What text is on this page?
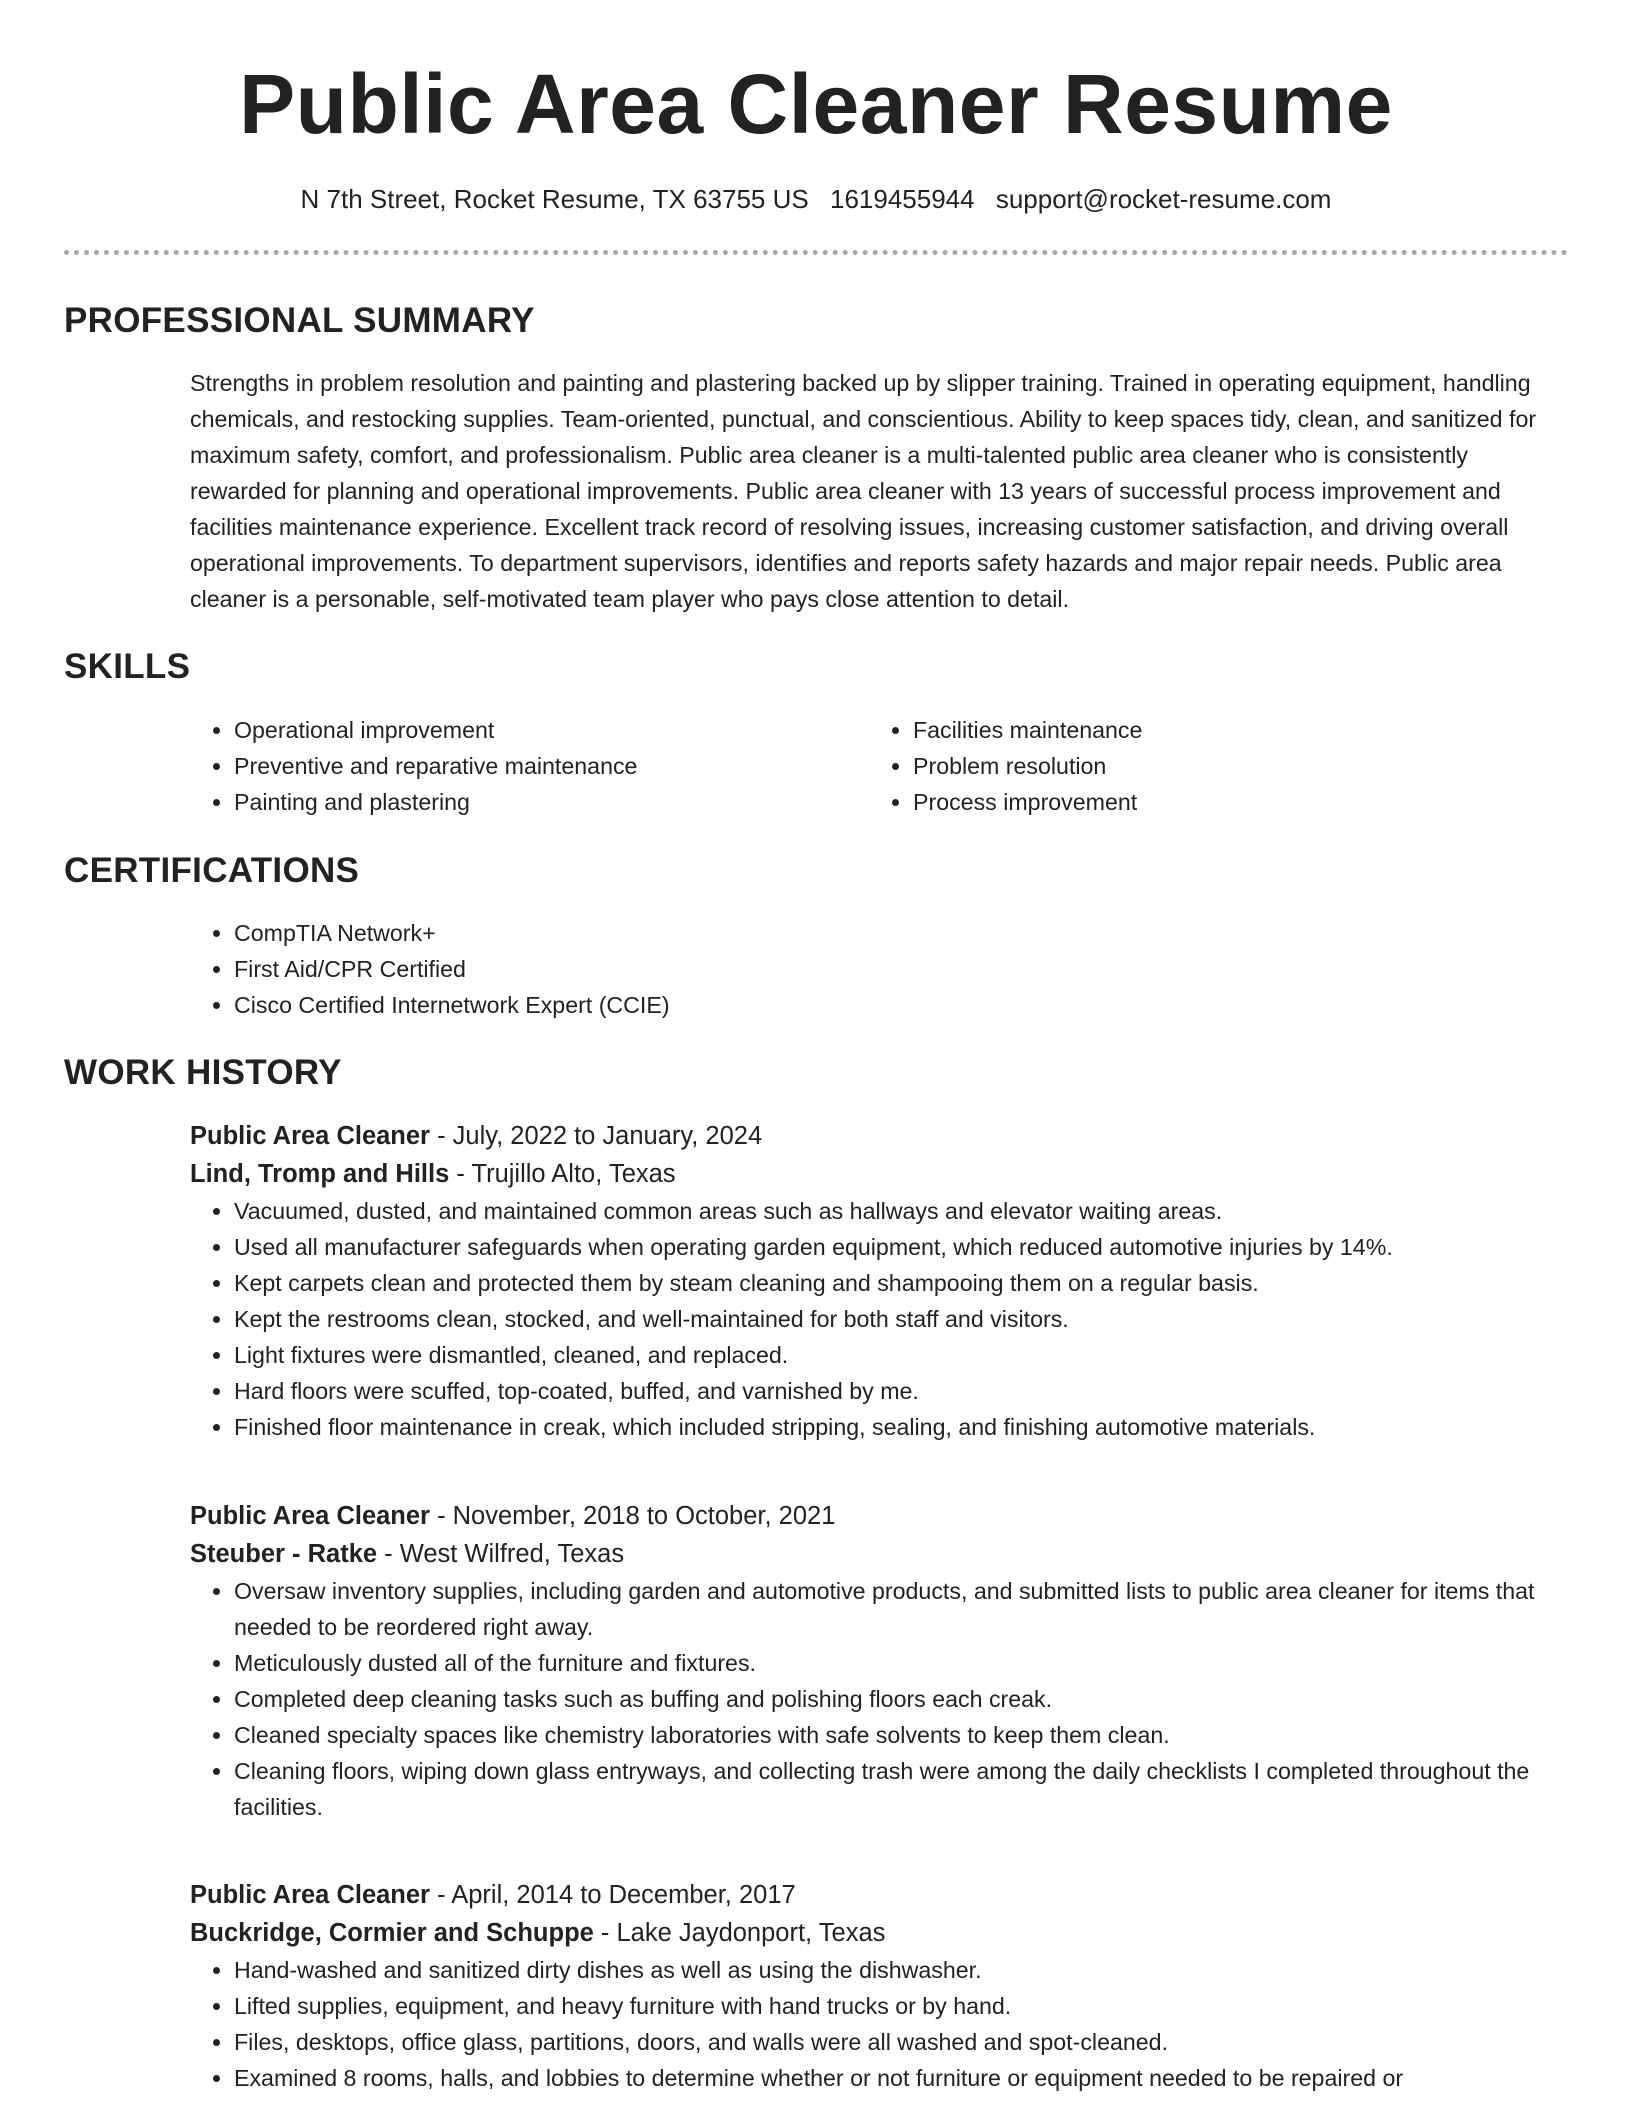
Public Area Cleaner Resume
N 7th Street, Rocket Resume, TX 63755 US 1619455944 support@rocket-resume.com
PROFESSIONAL SUMMARY
Strengths in problem resolution and painting and plastering backed up by slipper training. Trained in operating equipment, handling chemicals, and restocking supplies. Team-oriented, punctual, and conscientious. Ability to keep spaces tidy, clean, and sanitized for maximum safety, comfort, and professionalism. Public area cleaner is a multi-talented public area cleaner who is consistently rewarded for planning and operational improvements. Public area cleaner with 13 years of successful process improvement and facilities maintenance experience. Excellent track record of resolving issues, increasing customer satisfaction, and driving overall operational improvements. To department supervisors, identifies and reports safety hazards and major repair needs. Public area cleaner is a personable, self-motivated team player who pays close attention to detail.
SKILLS
• Operational improvement
• Preventive and reparative maintenance
• Painting and plastering
• Facilities maintenance
• Problem resolution
• Process improvement
CERTIFICATIONS
• CompTIA Network+
• First Aid/CPR Certified
• Cisco Certified Internetwork Expert (CCIE)
WORK HISTORY
Public Area Cleaner - July, 2022 to January, 2024
Lind, Tromp and Hills - Trujillo Alto, Texas
• Vacuumed, dusted, and maintained common areas such as hallways and elevator waiting areas.
• Used all manufacturer safeguards when operating garden equipment, which reduced automotive injuries by 14%.
• Kept carpets clean and protected them by steam cleaning and shampooing them on a regular basis.
• Kept the restrooms clean, stocked, and well-maintained for both staff and visitors.
• Light fixtures were dismantled, cleaned, and replaced.
• Hard floors were scuffed, top-coated, buffed, and varnished by me.
• Finished floor maintenance in creak, which included stripping, sealing, and finishing automotive materials.
Public Area Cleaner - November, 2018 to October, 2021
Steuber - Ratke - West Wilfred, Texas
• Oversaw inventory supplies, including garden and automotive products, and submitted lists to public area cleaner for items that needed to be reordered right away.
• Meticulously dusted all of the furniture and fixtures.
• Completed deep cleaning tasks such as buffing and polishing floors each creak.
• Cleaned specialty spaces like chemistry laboratories with safe solvents to keep them clean.
• Cleaning floors, wiping down glass entryways, and collecting trash were among the daily checklists I completed throughout the facilities.
Public Area Cleaner - April, 2014 to December, 2017
Buckridge, Cormier and Schuppe - Lake Jaydonport, Texas
• Hand-washed and sanitized dirty dishes as well as using the dishwasher.
• Lifted supplies, equipment, and heavy furniture with hand trucks or by hand.
• Files, desktops, office glass, partitions, doors, and walls were all washed and spot-cleaned.
• Examined 8 rooms, halls, and lobbies to determine whether or not furniture or equipment needed to be repaired or
